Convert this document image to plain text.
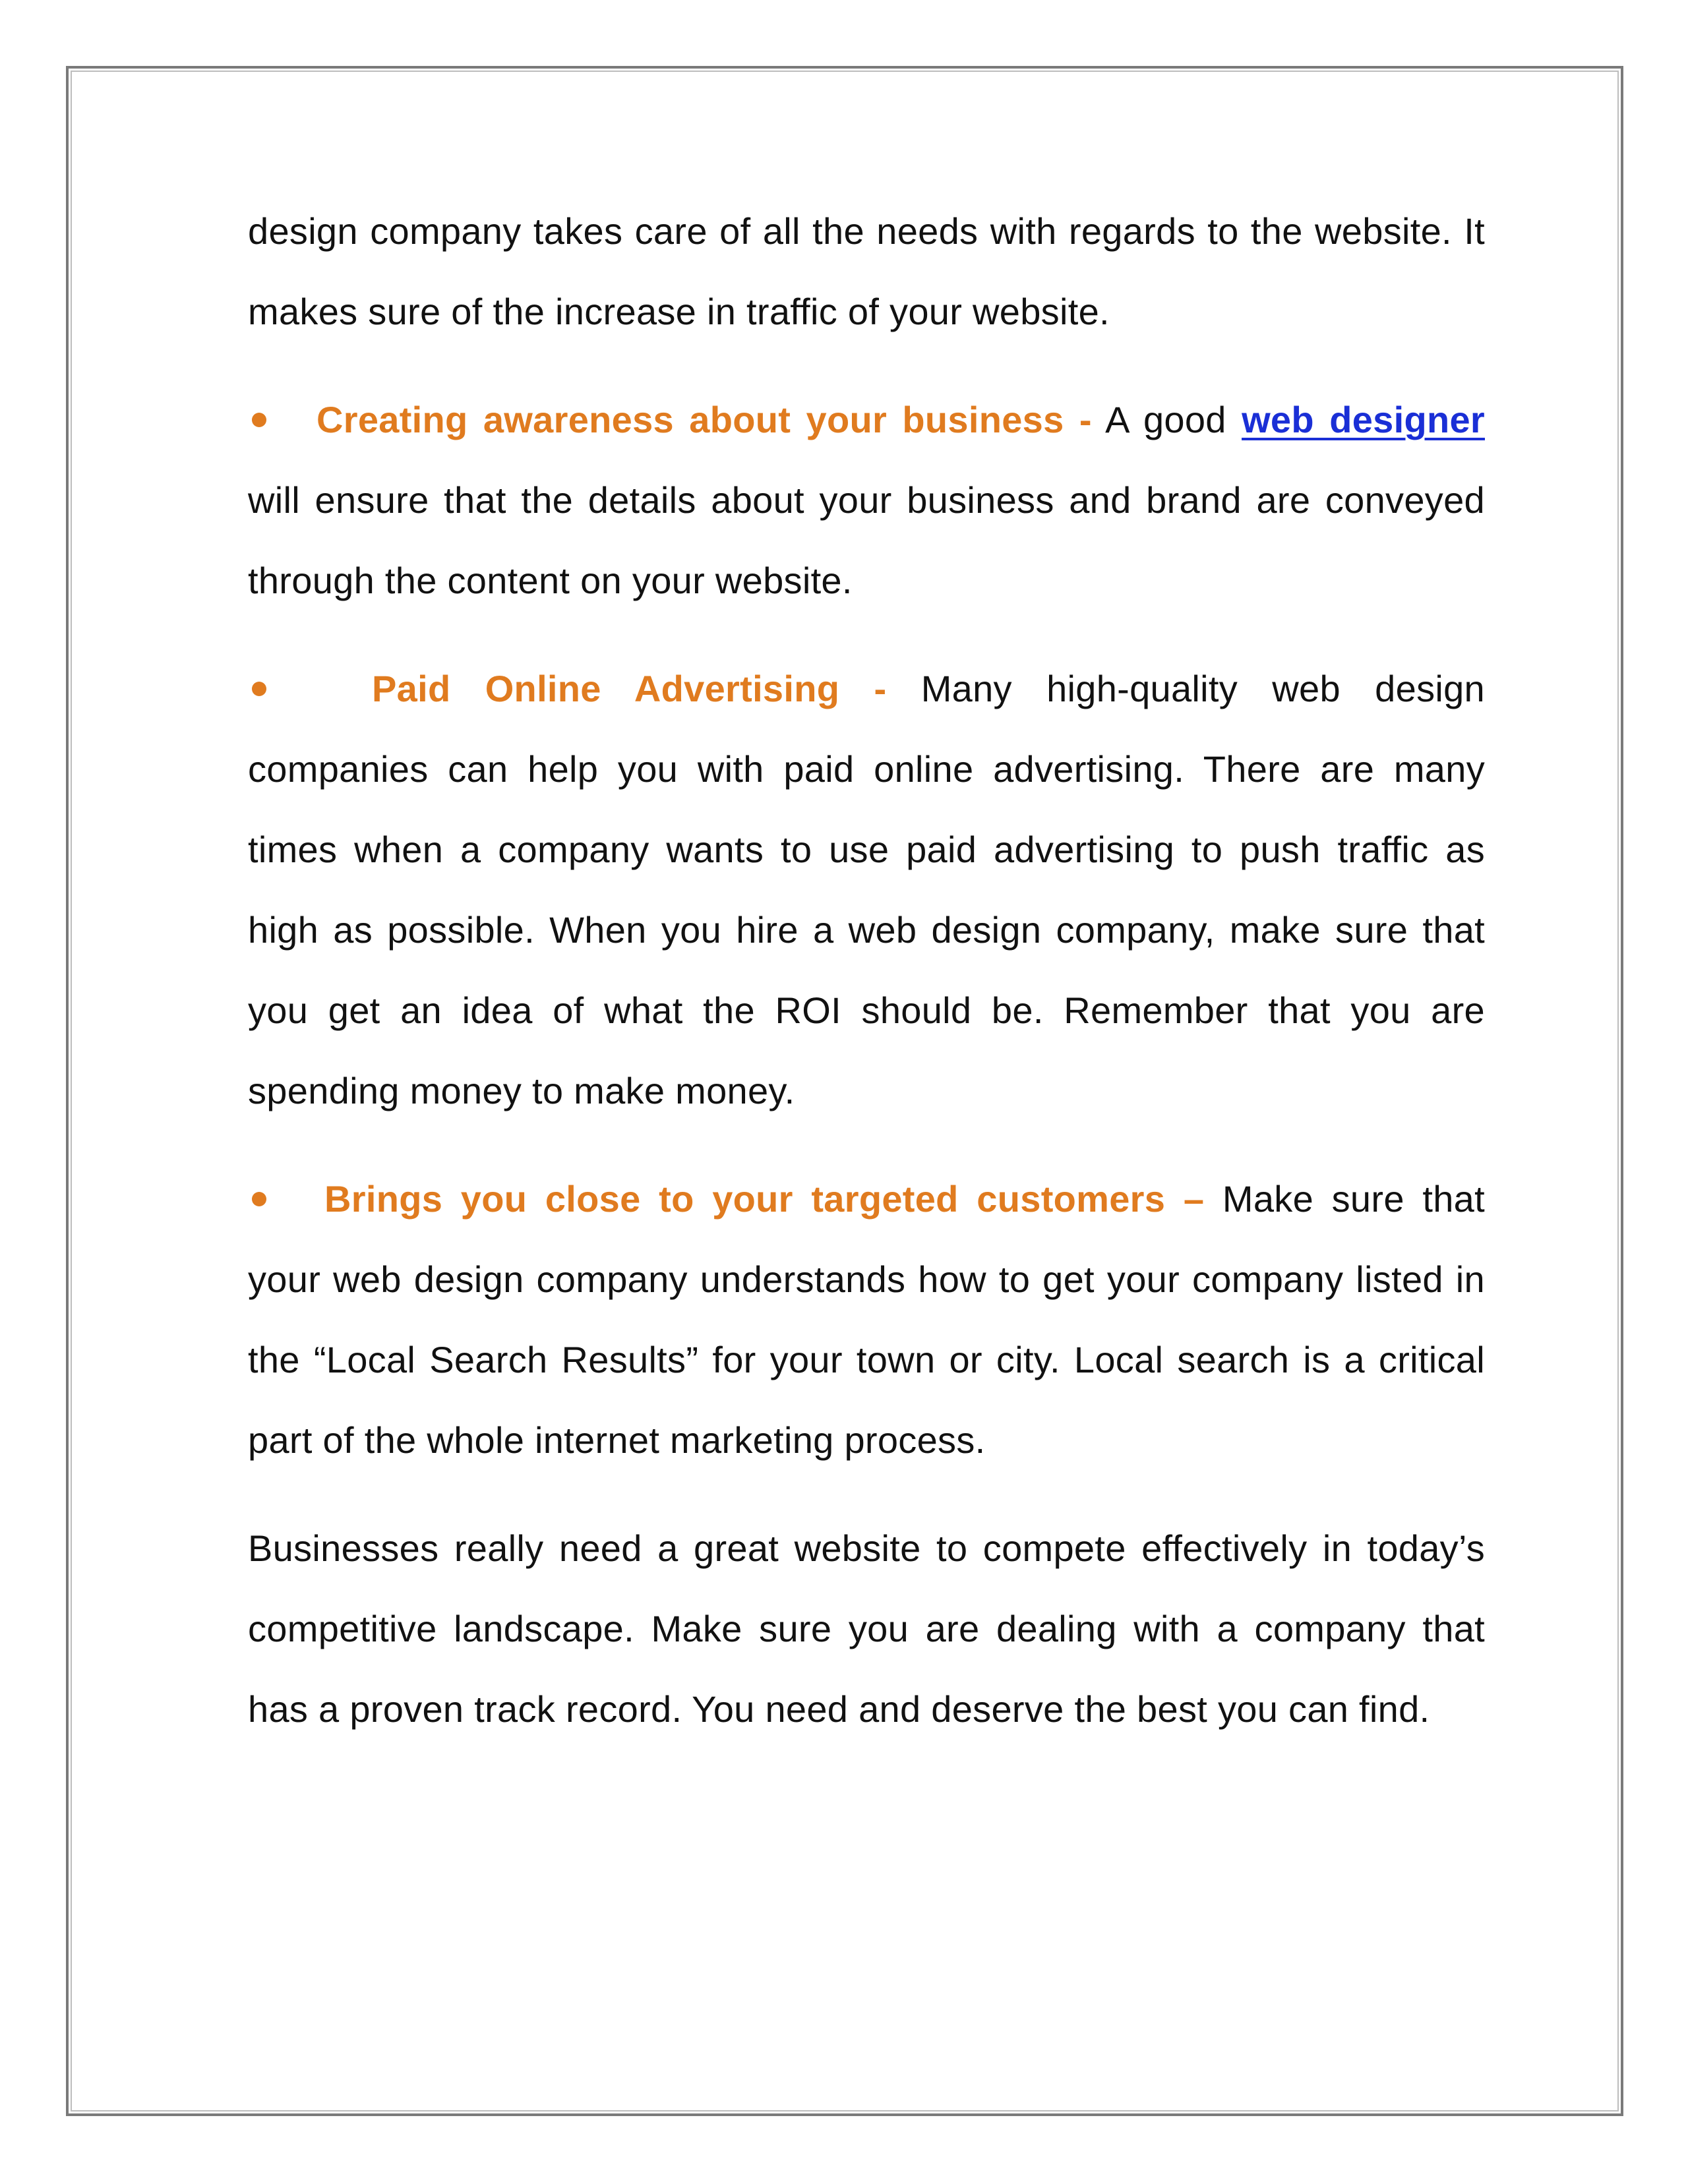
design company takes care of all the needs with regards to the website. It makes sure of the increase in traffic of your website.

Creating awareness about your business - A good web designer will ensure that the details about your business and brand are conveyed through the content on your website.

Paid Online Advertising - Many high-quality web design companies can help you with paid online advertising. There are many times when a company wants to use paid advertising to push traffic as high as possible. When you hire a web design company, make sure that you get an idea of what the ROI should be. Remember that you are spending money to make money.

Brings you close to your targeted customers – Make sure that your web design company understands how to get your company listed in the “Local Search Results” for your town or city. Local search is a critical part of the whole internet marketing process.

Businesses really need a great website to compete effectively in today’s competitive landscape. Make sure you are dealing with a company that has a proven track record. You need and deserve the best you can find.
